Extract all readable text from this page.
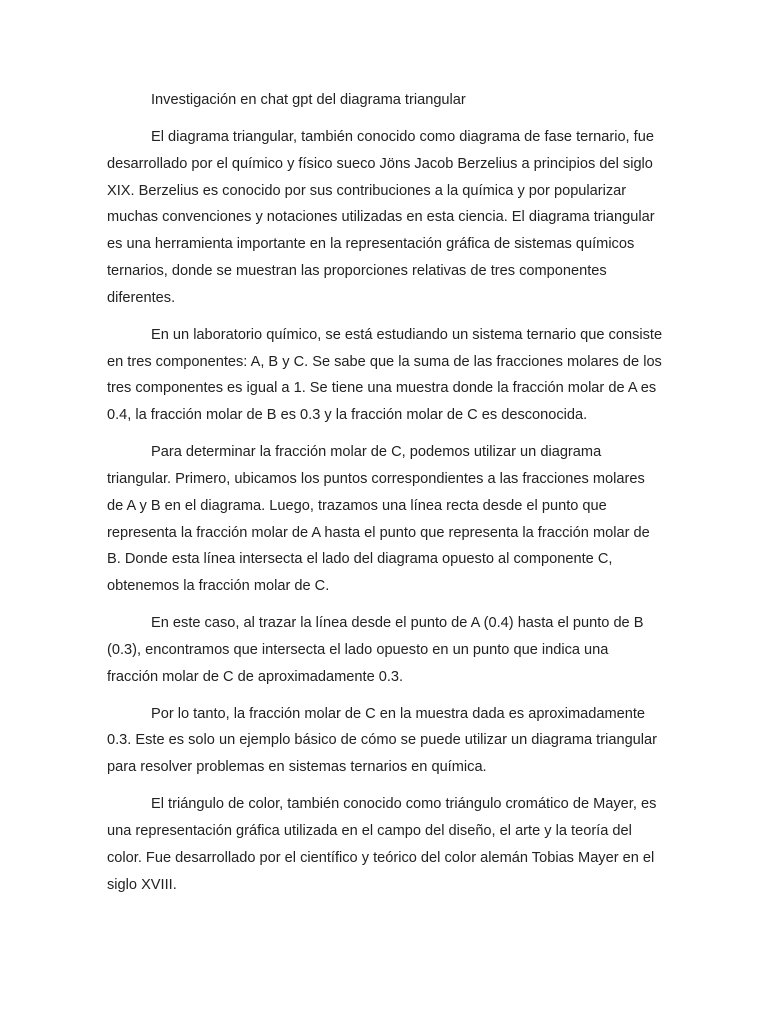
Investigación en chat gpt del diagrama triangular

El diagrama triangular, también conocido como diagrama de fase ternario, fue desarrollado por el químico y físico sueco Jöns Jacob Berzelius a principios del siglo XIX. Berzelius es conocido por sus contribuciones a la química y por popularizar muchas convenciones y notaciones utilizadas en esta ciencia. El diagrama triangular es una herramienta importante en la representación gráfica de sistemas químicos ternarios, donde se muestran las proporciones relativas de tres componentes diferentes.

En un laboratorio químico, se está estudiando un sistema ternario que consiste en tres componentes: A, B y C. Se sabe que la suma de las fracciones molares de los tres componentes es igual a 1. Se tiene una muestra donde la fracción molar de A es 0.4, la fracción molar de B es 0.3 y la fracción molar de C es desconocida.

Para determinar la fracción molar de C, podemos utilizar un diagrama triangular. Primero, ubicamos los puntos correspondientes a las fracciones molares de A y B en el diagrama. Luego, trazamos una línea recta desde el punto que representa la fracción molar de A hasta el punto que representa la fracción molar de B. Donde esta línea intersecta el lado del diagrama opuesto al componente C, obtenemos la fracción molar de C.

En este caso, al trazar la línea desde el punto de A (0.4) hasta el punto de B (0.3), encontramos que intersecta el lado opuesto en un punto que indica una fracción molar de C de aproximadamente 0.3.

Por lo tanto, la fracción molar de C en la muestra dada es aproximadamente 0.3. Este es solo un ejemplo básico de cómo se puede utilizar un diagrama triangular para resolver problemas en sistemas ternarios en química.

El triángulo de color, también conocido como triángulo cromático de Mayer, es una representación gráfica utilizada en el campo del diseño, el arte y la teoría del color. Fue desarrollado por el científico y teórico del color alemán Tobias Mayer en el siglo XVIII.
